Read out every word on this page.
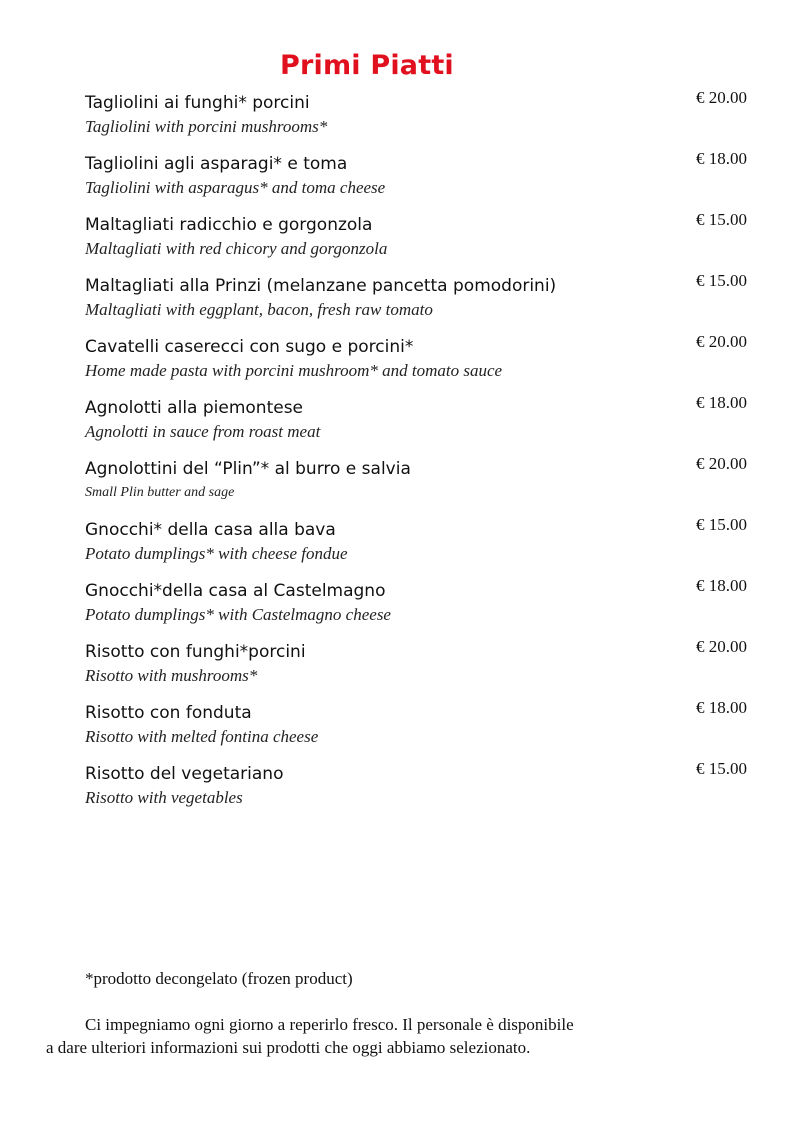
Primi Piatti
Tagliolini ai funghi* porcini
Tagliolini with porcini mushrooms*
€ 20.00
Tagliolini agli asparagi* e toma
Tagliolini with asparagus* and toma cheese
€ 18.00
Maltagliati radicchio e gorgonzola
Maltagliati with red chicory and gorgonzola
€ 15.00
Maltagliati alla Prinzi (melanzane pancetta pomodorini)
Maltagliati with eggplant, bacon, fresh raw tomato
€ 15.00
Cavatelli caserecci con sugo e porcini*
Home made pasta with porcini mushroom* and tomato sauce
€ 20.00
Agnolotti alla piemontese
Agnolotti in sauce from roast meat
€ 18.00
Agnolottini del “Plin”* al burro e salvia
Small Plin butter and sage
€ 20.00
Gnocchi* della casa alla bava
Potato dumplings* with cheese fondue
€ 15.00
Gnocchi*della casa al Castelmagno
Potato dumplings* with Castelmagno cheese
€ 18.00
Risotto con funghi*porcini
Risotto with mushrooms*
€ 20.00
Risotto con fonduta
Risotto with melted fontina cheese
€ 18.00
Risotto del vegetariano
Risotto with vegetables
€ 15.00
*prodotto decongelato (frozen product)
Ci impegniamo ogni giorno a reperirlo fresco. Il personale è disponibile
a dare ulteriori informazioni sui prodotti che oggi abbiamo selezionato.
